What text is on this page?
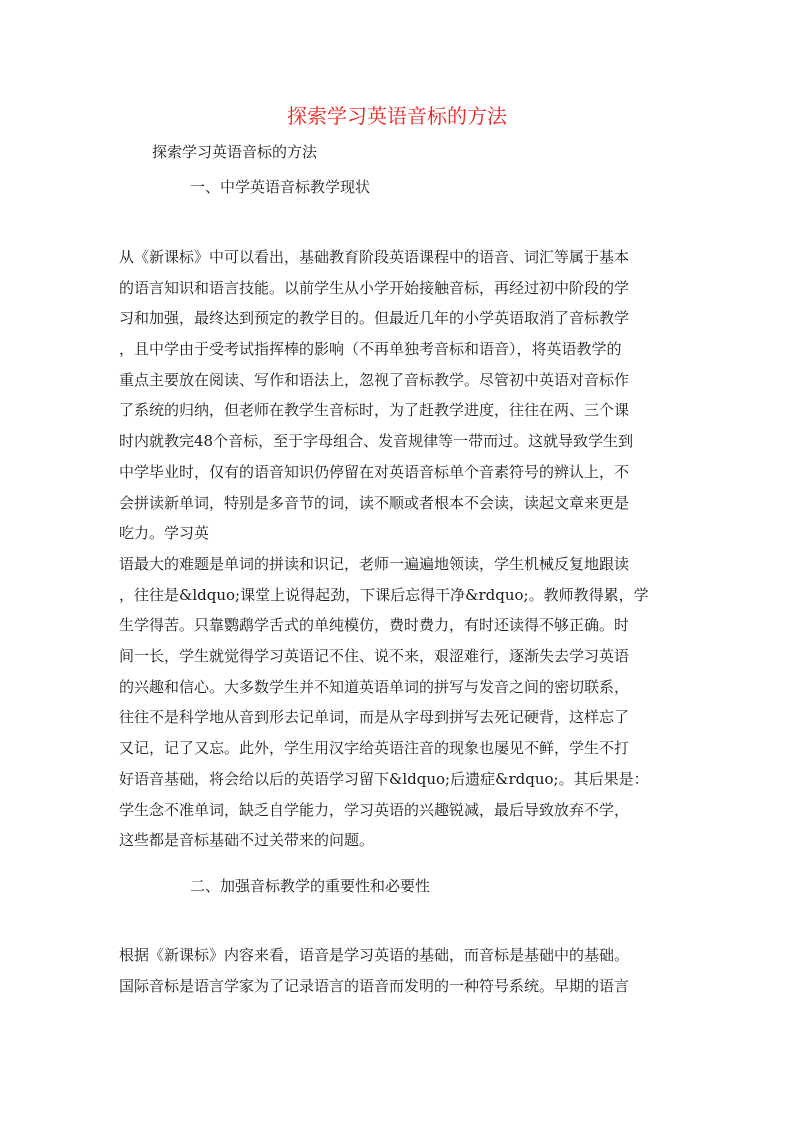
探索学习英语音标的方法

探索学习英语音标的方法

一、中学英语音标教学现状
从《新课标》中可以看出，基础教育阶段英语课程中的语音、词汇等属于基本
的语言知识和语言技能。以前学生从小学开始接触音标，再经过初中阶段的学
习和加强，最终达到预定的教学目的。但最近几年的小学英语取消了音标教学
，且中学由于受考试指挥棒的影响（不再单独考音标和语音），将英语教学的
重点主要放在阅读、写作和语法上，忽视了音标教学。尽管初中英语对音标作
了系统的归纳，但老师在教学生音标时，为了赶教学进度，往往在两、三个课
时内就教完48个音标，至于字母组合、发音规律等一带而过。这就导致学生到
中学毕业时，仅有的语音知识仍停留在对英语音标单个音素符号的辨认上，不
会拼读新单词，特别是多音节的词，读不顺或者根本不会读，读起文章来更是
吃力。学习英
语最大的难题是单词的拼读和识记，老师一遍遍地领读，学生机械反复地跟读
，往往是&ldquo;课堂上说得起劲，下课后忘得干净&rdquo;。教师教得累，学
生学得苦。只靠鹦鹉学舌式的单纯模仿，费时费力，有时还读得不够正确。时
间一长，学生就觉得学习英语记不住、说不来，艰涩难行，逐渐失去学习英语
的兴趣和信心。大多数学生并不知道英语单词的拼写与发音之间的密切联系，
往往不是科学地从音到形去记单词，而是从字母到拼写去死记硬背，这样忘了
又记，记了又忘。此外，学生用汉字给英语注音的现象也屡见不鲜，学生不打
好语音基础，将会给以后的英语学习留下&ldquo;后遗症&rdquo;。其后果是：
学生念不准单词，缺乏自学能力，学习英语的兴趣锐减，最后导致放弃不学，
这些都是音标基础不过关带来的问题。
二、加强音标教学的重要性和必要性
根据《新课标》内容来看，语音是学习英语的基础，而音标是基础中的基础。
国际音标是语言学家为了记录语言的语音而发明的一种符号系统。早期的语言
